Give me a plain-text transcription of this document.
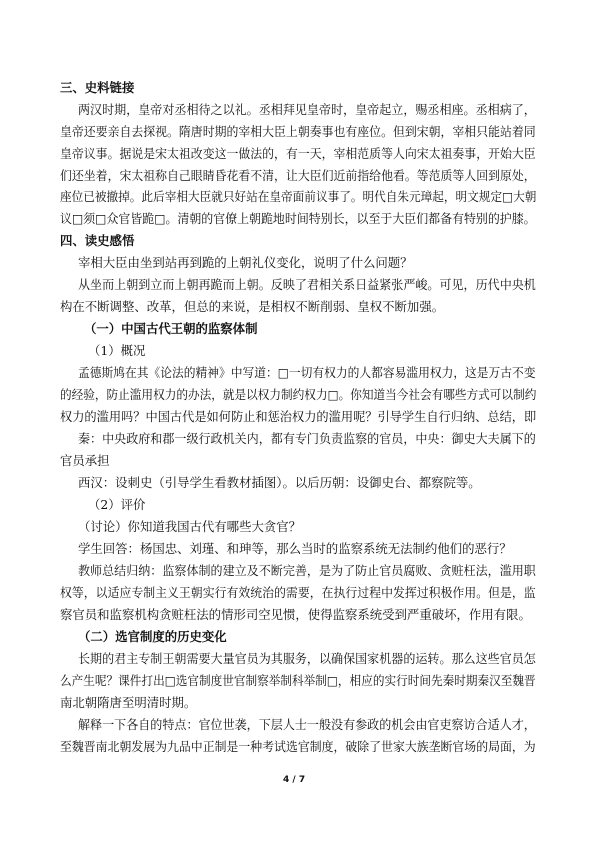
三、史料链接
两汉时期，皇帝对丞相待之以礼。丞相拜见皇帝时，皇帝起立，赐丞相座。丞相病了，
皇帝还要亲自去探视。隋唐时期的宰相大臣上朝奏事也有座位。但到宋朝，宰相只能站着同
皇帝议事。据说是宋太祖改变这一做法的，有一天，宰相范质等人向宋太祖奏事，开始大臣
们还坐着，宋太祖称自己眼睛昏花看不清，让大臣们近前指给他看。等范质等人回到原处，
座位已被撤掉。此后宰相大臣就只好站在皇帝面前议事了。明代自朱元璋起，明文规定□大朝
议□须□众官皆跪□。清朝的官僚上朝跪地时间特别长，以至于大臣们都备有特别的护膝。
四、读史感悟
宰相大臣由坐到站再到跪的上朝礼仪变化，说明了什么问题？
从坐而上朝到立而上朝再跪而上朝。反映了君相关系日益紧张严峻。可见，历代中央机
构在不断调整、改革，但总的来说，是相权不断削弱、皇权不断加强。
（一）中国古代王朝的监察体制
（1）概况
孟德斯鸠在其《论法的精神》中写道：□一切有权力的人都容易滥用权力，这是万古不变
的经验，防止滥用权力的办法，就是以权力制约权力□。你知道当今社会有哪些方式可以制约
权力的滥用吗？中国古代是如何防止和惩治权力的滥用呢？引导学生自行归纳、总结，即
秦：中央政府和郡一级行政机关内，都有专门负责监察的官员，中央：御史大夫属下的
官员承担
西汉：设刺史（引导学生看教材插图）。以后历朝：设御史台、都察院等。
（2）评价
（讨论）你知道我国古代有哪些大贪官？
学生回答：杨国忠、刘瑾、和珅等，那么当时的监察系统无法制约他们的恶行？
教师总结归纳：监察体制的建立及不断完善，是为了防止官员腐败、贪赃枉法，滥用职
权等，以适应专制主义王朝实行有效统治的需要，在执行过程中发挥过积极作用。但是，监
察官员和监察机构贪赃枉法的情形司空见惯，使得监察系统受到严重破坏，作用有限。
（二）选官制度的历史变化
长期的君主专制王朝需要大量官员为其服务，以确保国家机器的运转。那么这些官员怎
么产生呢？课件打出□选官制度世官制察举制科举制□，相应的实行时间先秦时期秦汉至魏晋
南北朝隋唐至明清时期。
解释一下各自的特点：官位世袭，下层人士一般没有参政的机会由官吏察访合适人才，
至魏晋南北朝发展为九品中正制是一种考试选官制度，破除了世家大族垄断官场的局面，为
4 / 7
